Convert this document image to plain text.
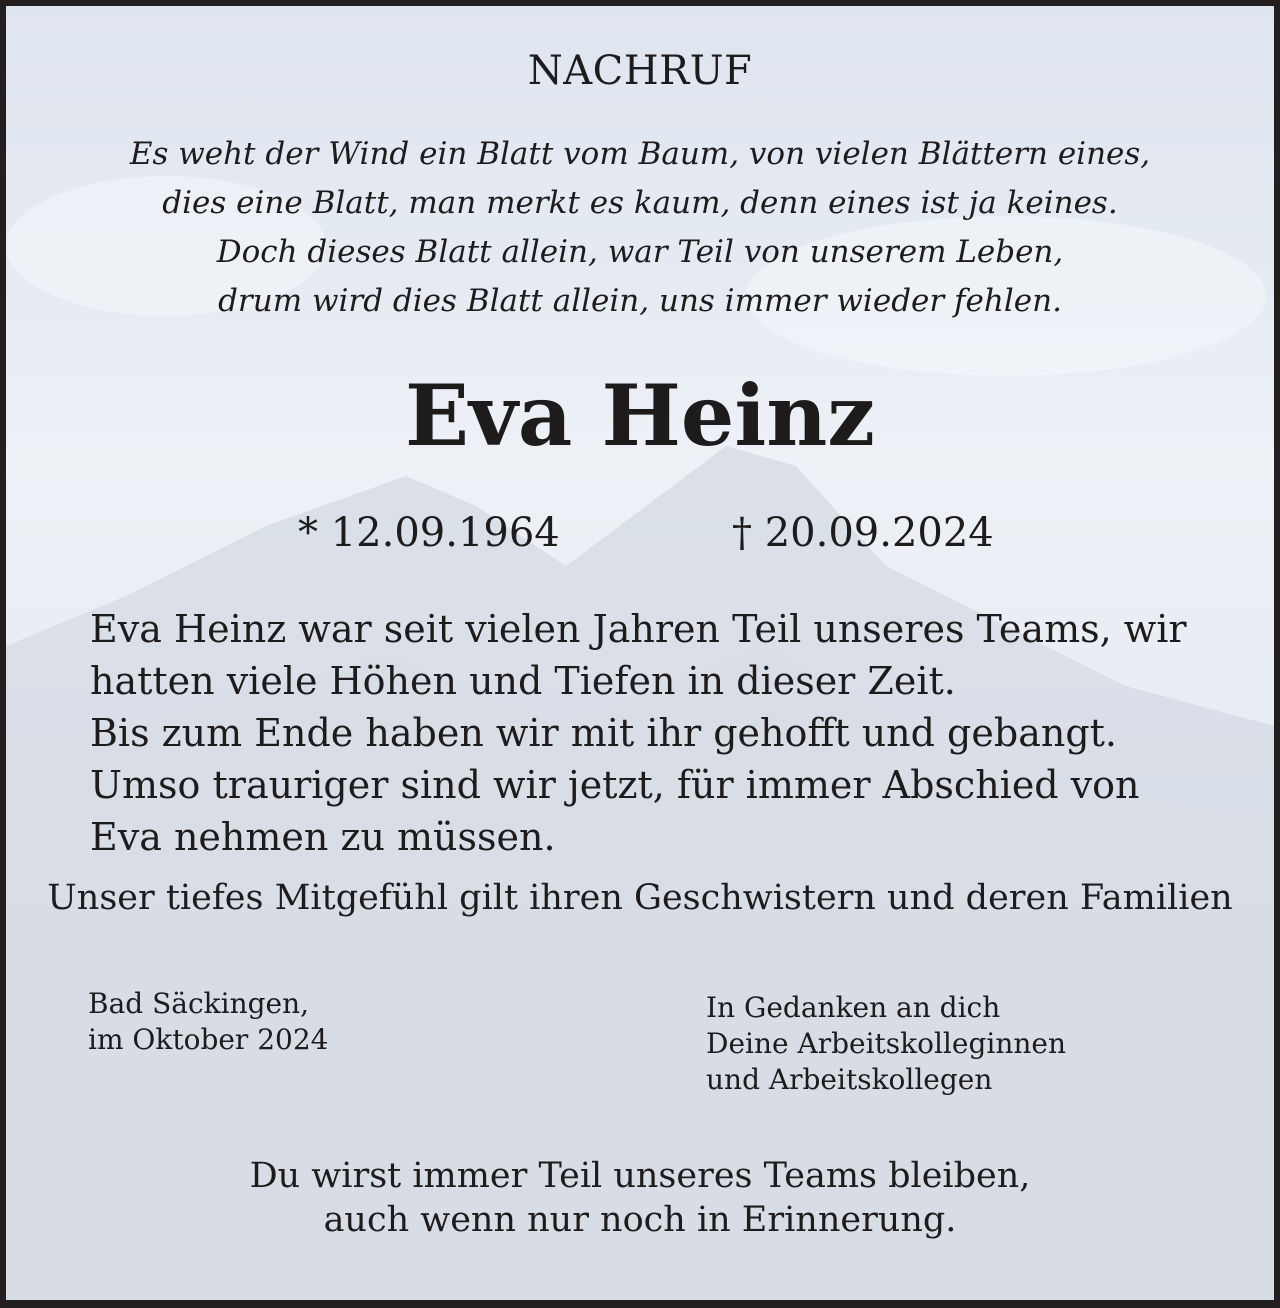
NACHRUF
Es weht der Wind ein Blatt vom Baum, von vielen Blättern eines,
dies eine Blatt, man merkt es kaum, denn eines ist ja keines.
Doch dieses Blatt allein, war Teil von unserem Leben,
drum wird dies Blatt allein, uns immer wieder fehlen.
Eva Heinz
* 12.09.1964	† 20.09.2024
Eva Heinz war seit vielen Jahren Teil unseres Teams, wir
hatten viele Höhen und Tiefen in dieser Zeit.
Bis zum Ende haben wir mit ihr gehofft und gebangt.
Umso trauriger sind wir jetzt, für immer Abschied von
Eva nehmen zu müssen.
Unser tiefes Mitgefühl gilt ihren Geschwistern und deren Familien
Bad Säckingen,
im Oktober 2024
In Gedanken an dich
Deine Arbeitskolleginnen
und Arbeitskollegen
Du wirst immer Teil unseres Teams bleiben,
auch wenn nur noch in Erinnerung.
